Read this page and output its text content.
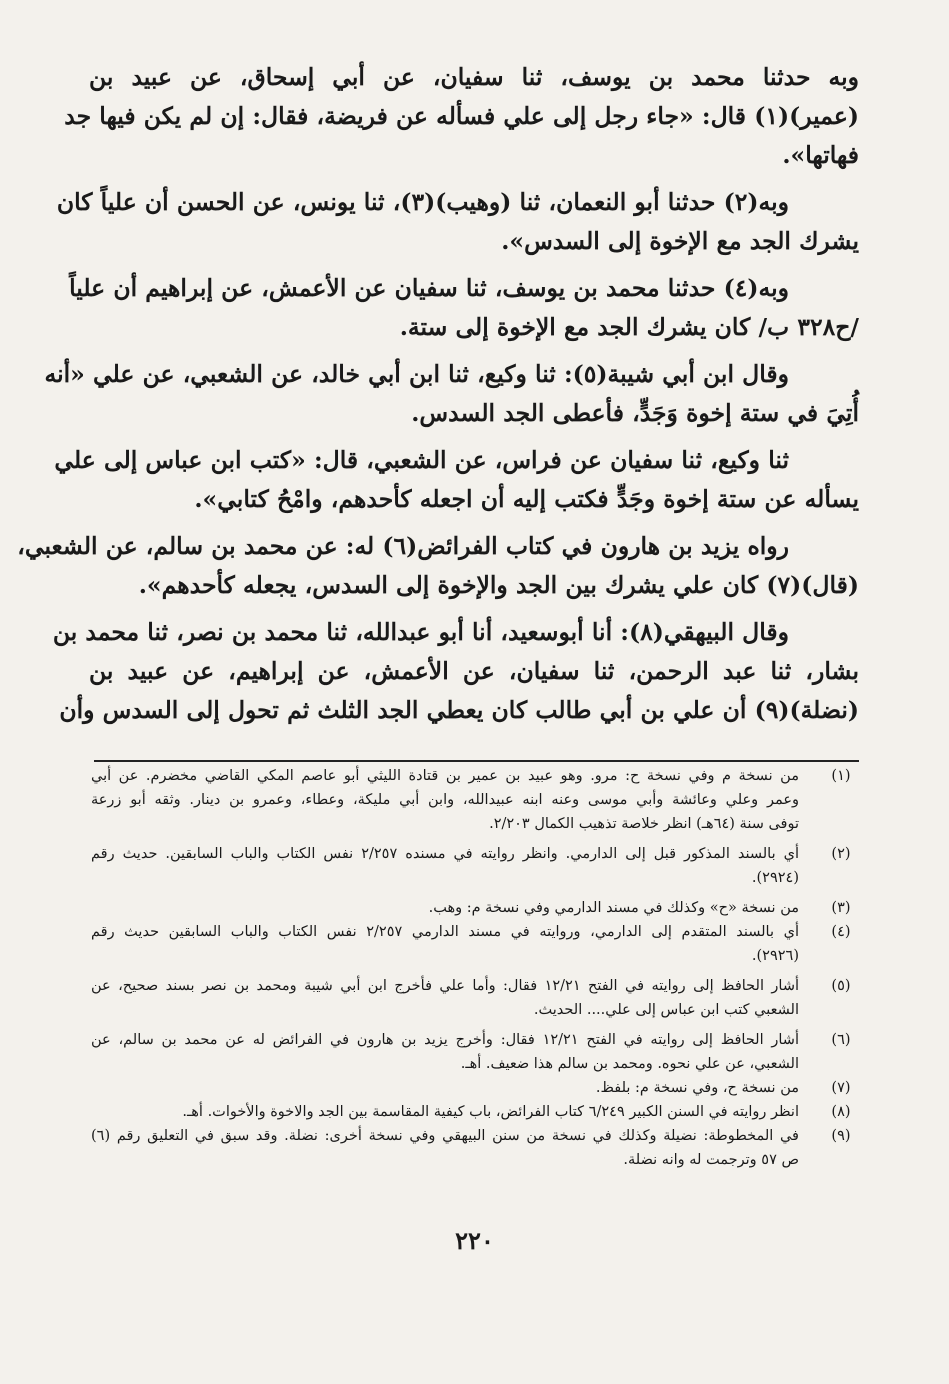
وبه حدثنا محمد بن يوسف، ثنا سفيان، عن أبي إسحاق، عن عبيد بن
(عمير)(١) قال: «جاء رجل إلى علي فسأله عن فريضة، فقال: إن لم يكن فيها جد
فهاتها».
وبه(٢) حدثنا أبو النعمان، ثنا (وهيب)(٣)، ثنا يونس، عن الحسن أن علياً كان
يشرك الجد مع الإخوة إلى السدس».
وبه(٤) حدثنا محمد بن يوسف، ثنا سفيان عن الأعمش، عن إبراهيم أن علياً
/ح٣٢٨ ب/ كان يشرك الجد مع الإخوة إلى ستة.
وقال ابن أبي شيبة(٥): ثنا وكيع، ثنا ابن أبي خالد، عن الشعبي، عن علي «أنه
أُتِيَ في ستة إخوة وَجَدٍّ، فأعطى الجد السدس.
ثنا وكيع، ثنا سفيان عن فراس، عن الشعبي، قال: «كتب ابن عباس إلى علي
يسأله عن ستة إخوة وجَدٍّ فكتب إليه أن اجعله كأحدهم، وامْحُ كتابي».
رواه يزيد بن هارون في كتاب الفرائض(٦) له: عن محمد بن سالم، عن الشعبي،
(قال)(٧) كان علي يشرك بين الجد والإخوة إلى السدس، يجعله كأحدهم».
وقال البيهقي(٨): أنا أبوسعيد، أنا أبو عبدالله، ثنا محمد بن نصر، ثنا محمد بن
بشار، ثنا عبد الرحمن، ثنا سفيان، عن الأعمش، عن إبراهيم، عن عبيد بن
(نضلة)(٩) أن علي بن أبي طالب كان يعطي الجد الثلث ثم تحول إلى السدس وأن
(١)
من نسخة م وفي نسخة ح: مرو. وهو عبيد بن عمير بن قتادة الليثي أبو عاصم المكي القاضي مخضرم. عن أبي
وعمر وعلي وعائشة وأبي موسى وعنه ابنه عبيدالله، وابن أبي مليكة، وعطاء، وعمرو بن دينار. وثقه أبو زرعة
توفى سنة (٦٤هـ) انظر خلاصة تذهيب الكمال ٢/٢٠٣.
(٢)
أي بالسند المذكور قبل إلى الدارمي. وانظر روايته في مسنده ٢/٢٥٧ نفس الكتاب والباب السابقين. حديث رقم
(٢٩٢٤).
(٣)
من نسخة «ح» وكذلك في مسند الدارمي وفي نسخة م: وهب.
(٤)
أي بالسند المتقدم إلى الدارمي، وروايته في مسند الدارمي ٢/٢٥٧ نفس الكتاب والباب السابقين حديث رقم
(٢٩٢٦).
(٥)
أشار الحافظ إلى روايته في الفتح ١٢/٢١ فقال: وأما علي فأخرج ابن أبي شيبة ومحمد بن نصر بسند صحيح، عن
الشعبي كتب ابن عباس إلى علي.... الحديث.
(٦)
أشار الحافظ إلى روايته في الفتح ١٢/٢١ فقال: وأخرج يزيد بن هارون في الفرائض له عن محمد بن سالم، عن
الشعبي، عن علي نحوه. ومحمد بن سالم هذا ضعيف. أهـ.
(٧)
من نسخة ح، وفي نسخة م: بلفظ.
(٨)
انظر روايته في السنن الكبير ٦/٢٤٩ كتاب الفرائض، باب كيفية المقاسمة بين الجد والاخوة والأخوات. أهـ.
(٩)
في المخطوطة: نضيلة وكذلك في نسخة من سنن البيهقي وفي نسخة أخرى: نضلة. وقد سبق في التعليق رقم (٦)
ص ٥٧ وترجمت له وانه نضلة.
٢٢٠
